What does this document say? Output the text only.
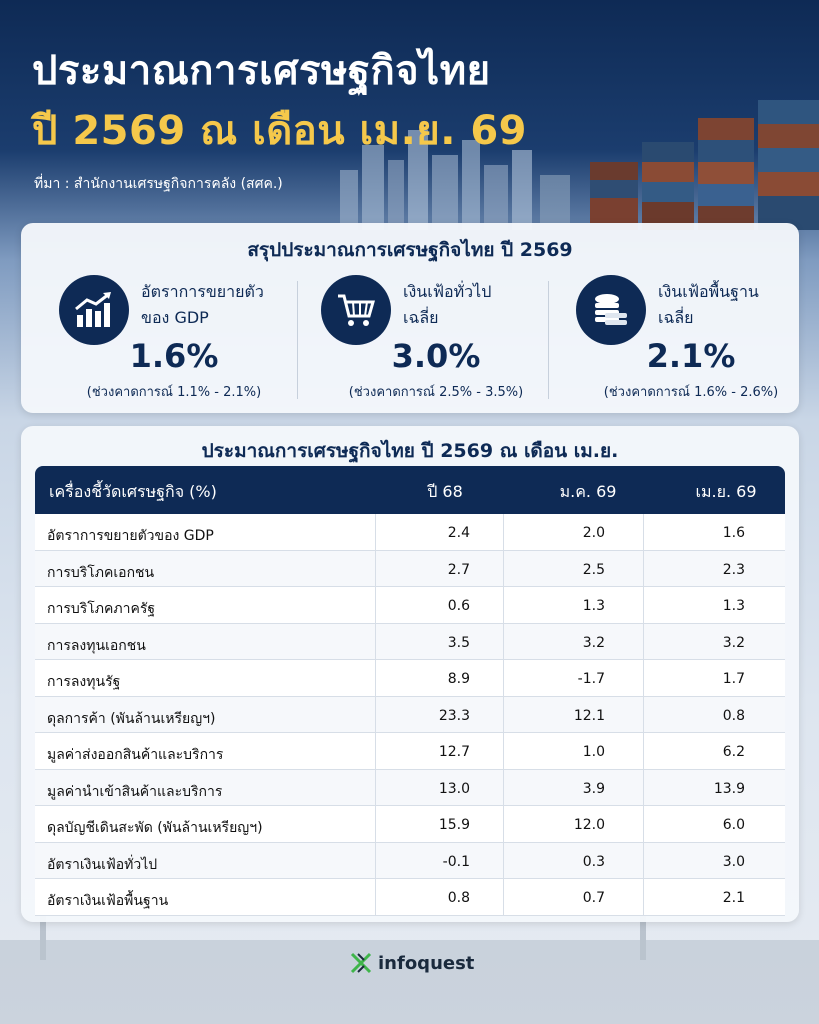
ประมาณการเศรษฐกิจไทย
ปี 2569 ณ เดือน เม.ย. 69
ที่มา : สำนักงานเศรษฐกิจการคลัง (สศค.)
สรุปประมาณการเศรษฐกิจไทย ปี 2569
อัตราการขยายตัว
ของ GDP
1.6%
(ช่วงคาดการณ์ 1.1% - 2.1%)
เงินเฟ้อทั่วไป
เฉลี่ย
3.0%
(ช่วงคาดการณ์ 2.5% - 3.5%)
เงินเฟ้อพื้นฐาน
เฉลี่ย
2.1%
(ช่วงคาดการณ์ 1.6% - 2.6%)
ประมาณการเศรษฐกิจไทย ปี 2569 ณ เดือน เม.ย.
เครื่องชี้วัดเศรษฐกิจ (%)	ปี 68	ม.ค. 69	เม.ย. 69
อัตราการขยายตัวของ GDP	2.4	2.0	1.6
การบริโภคเอกชน	2.7	2.5	2.3
การบริโภคภาครัฐ	0.6	1.3	1.3
การลงทุนเอกชน	3.5	3.2	3.2
การลงทุนรัฐ	8.9	-1.7	1.7
ดุลการค้า (พันล้านเหรียญฯ)	23.3	12.1	0.8
มูลค่าส่งออกสินค้าและบริการ	12.7	1.0	6.2
มูลค่านำเข้าสินค้าและบริการ	13.0	3.9	13.9
ดุลบัญชีเดินสะพัด (พันล้านเหรียญฯ)	15.9	12.0	6.0
อัตราเงินเฟ้อทั่วไป	-0.1	0.3	3.0
อัตราเงินเฟ้อพื้นฐาน	0.8	0.7	2.1
infoquest
